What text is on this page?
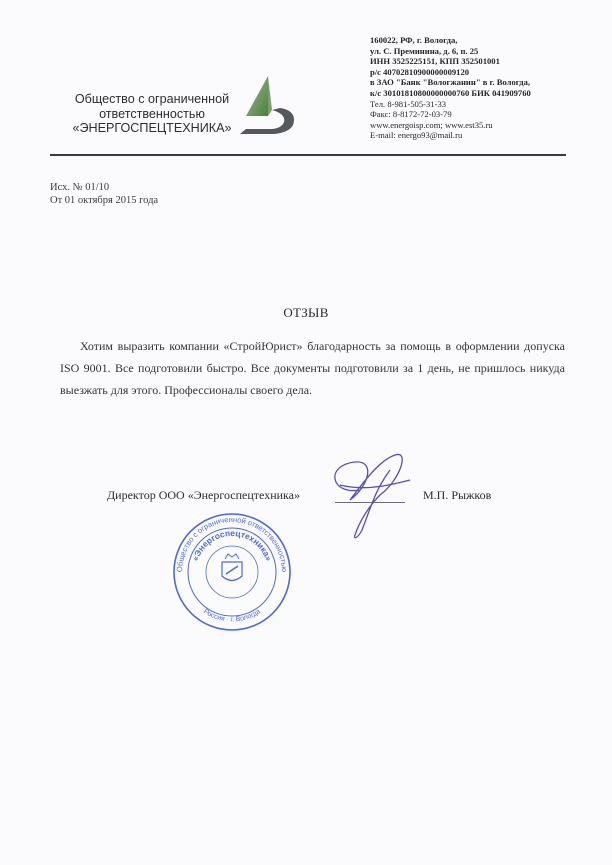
160022, РФ, г. Вологда,
ул. С. Преминина, д. 6, п. 25
ИНН 3525225151, КПП 352501001
р/с 40702810900000009120
в ЗАО "Банк "Вологжанин" в г. Вологда,
к/с 30101810800000000760 БИК 041909760
Тел. 8-981-505-31-33
Факс: 8-8172-72-03-79
www.energoisp.com; www.est35.ru
E-mail: energo93@mail.ru
Общество с ограниченной
ответственностью
«ЭНЕРГОСПЕЦТЕХНИКА»
Исх. № 01/10
От 01 октября 2015 года
ОТЗЫВ
Хотим выразить компании «СтройЮрист» благодарность за помощь в оформлении допуска ISO 9001. Все подготовили быстро. Все документы подготовили за 1 день, не пришлось никуда выезжать для этого. Профессионалы своего дела.
Директор ООО «Энергоспецтехника»	М.П. Рыжков
Общество с ограниченной ответственностью
«Энергоспецтехника»
Россия · г. Вологда
